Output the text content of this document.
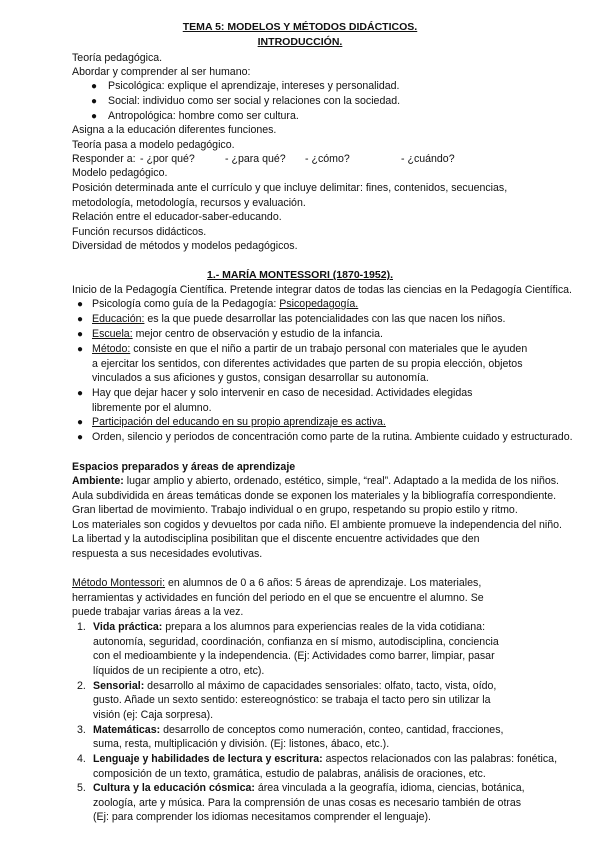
TEMA 5: MODELOS Y MÉTODOS DIDÁCTICOS.
INTRODUCCIÓN.
Teoría pedagógica.
Abordar y comprender al ser humano:
● Psicológica: explique el aprendizaje, intereses y personalidad.
● Social: individuo como ser social y relaciones con la sociedad.
● Antropológica: hombre como ser cultura.
Asigna a la educación diferentes funciones.
Teoría pasa a modelo pedagógico.
Responder a: - ¿por qué?	- ¿para qué? - ¿cómo?	- ¿cuándo?
Modelo pedagógico.
Posición determinada ante el currículo y que incluye delimitar: fines, contenidos, secuencias,
metodología, metodología, recursos y evaluación.
Relación entre el educador-saber-educando.
Función recursos didácticos.
Diversidad de métodos y modelos pedagógicos.
1.- MARÍA MONTESSORI (1870-1952).
Inicio de la Pedagogía Científica. Pretende integrar datos de todas las ciencias en la Pedagogía Científica.
● Psicología como guía de la Pedagogía: Psicopedagogía.
● Educación: es la que puede desarrollar las potencialidades con las que nacen los niños.
● Escuela: mejor centro de observación y estudio de la infancia.
● Método: consiste en que el niño a partir de un trabajo personal con materiales que le ayuden
a ejercitar los sentidos, con diferentes actividades que parten de su propia elección, objetos
vinculados a sus aficiones y gustos, consigan desarrollar su autonomía.
● Hay que dejar hacer y solo intervenir en caso de necesidad. Actividades elegidas
libremente por el alumno.
● Participación del educando en su propio aprendizaje es activa.
● Orden, silencio y periodos de concentración como parte de la rutina. Ambiente cuidado y estructurado.
Espacios preparados y áreas de aprendizaje
Ambiente: lugar amplio y abierto, ordenado, estético, simple, “real”. Adaptado a la medida de los niños.
Aula subdividida en áreas temáticas donde se exponen los materiales y la bibliografía correspondiente.
Gran libertad de movimiento. Trabajo individual o en grupo, respetando su propio estilo y ritmo.
Los materiales son cogidos y devueltos por cada niño. El ambiente promueve la independencia del niño.
La libertad y la autodisciplina posibilitan que el discente encuentre actividades que den
respuesta a sus necesidades evolutivas.
Método Montessori: en alumnos de 0 a 6 años: 5 áreas de aprendizaje. Los materiales,
herramientas y actividades en función del periodo en el que se encuentre el alumno. Se
puede trabajar varias áreas a la vez.
1. Vida práctica: prepara a los alumnos para experiencias reales de la vida cotidiana:
autonomía, seguridad, coordinación, confianza en sí mismo, autodisciplina, conciencia
con el medioambiente y la independencia. (Ej: Actividades como barrer, limpiar, pasar
líquidos de un recipiente a otro, etc).
2. Sensorial: desarrollo al máximo de capacidades sensoriales: olfato, tacto, vista, oído,
gusto. Añade un sexto sentido: estereognóstico: se trabaja el tacto pero sin utilizar la
visión (ej: Caja sorpresa).
3. Matemáticas: desarrollo de conceptos como numeración, conteo, cantidad, fracciones,
suma, resta, multiplicación y división. (Ej: listones, ábaco, etc.).
4. Lenguaje y habilidades de lectura y escritura: aspectos relacionados con las palabras: fonética,
composición de un texto, gramática, estudio de palabras, análisis de oraciones, etc.
5. Cultura y la educación cósmica: área vinculada a la geografía, idioma, ciencias, botánica,
zoología, arte y música. Para la comprensión de unas cosas es necesario también de otras
(Ej: para comprender los idiomas necesitamos comprender el lenguaje).
